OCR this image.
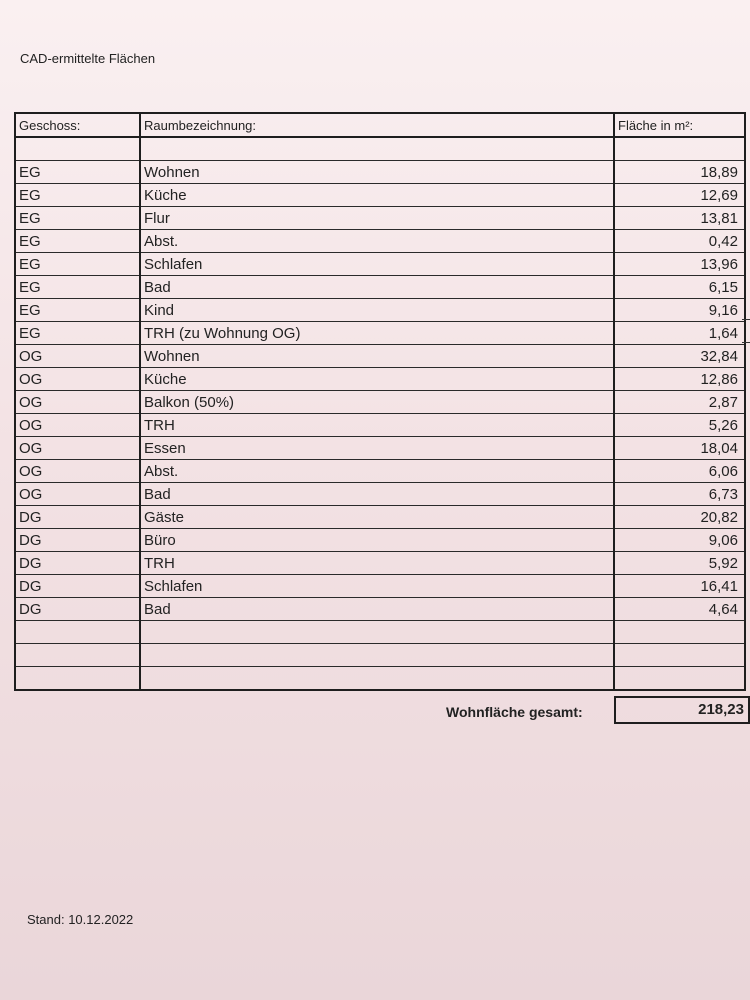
CAD-ermittelte Flächen
Geschoss:	Raumbezeichnung:	Fläche in m²:

EG	Wohnen	18,89
EG	Küche	12,69
EG	Flur	13,81
EG	Abst.	0,42
EG	Schlafen	13,96
EG	Bad	6,15
EG	Kind	9,16
EG	TRH (zu Wohnung OG)	1,64
OG	Wohnen	32,84
OG	Küche	12,86
OG	Balkon (50%)	2,87
OG	TRH	5,26
OG	Essen	18,04
OG	Abst.	6,06
OG	Bad	6,73
DG	Gäste	20,82
DG	Büro	9,06
DG	TRH	5,92
DG	Schlafen	16,41
DG	Bad	4,64

Wohnfläche gesamt:	218,23
Stand: 10.12.2022
